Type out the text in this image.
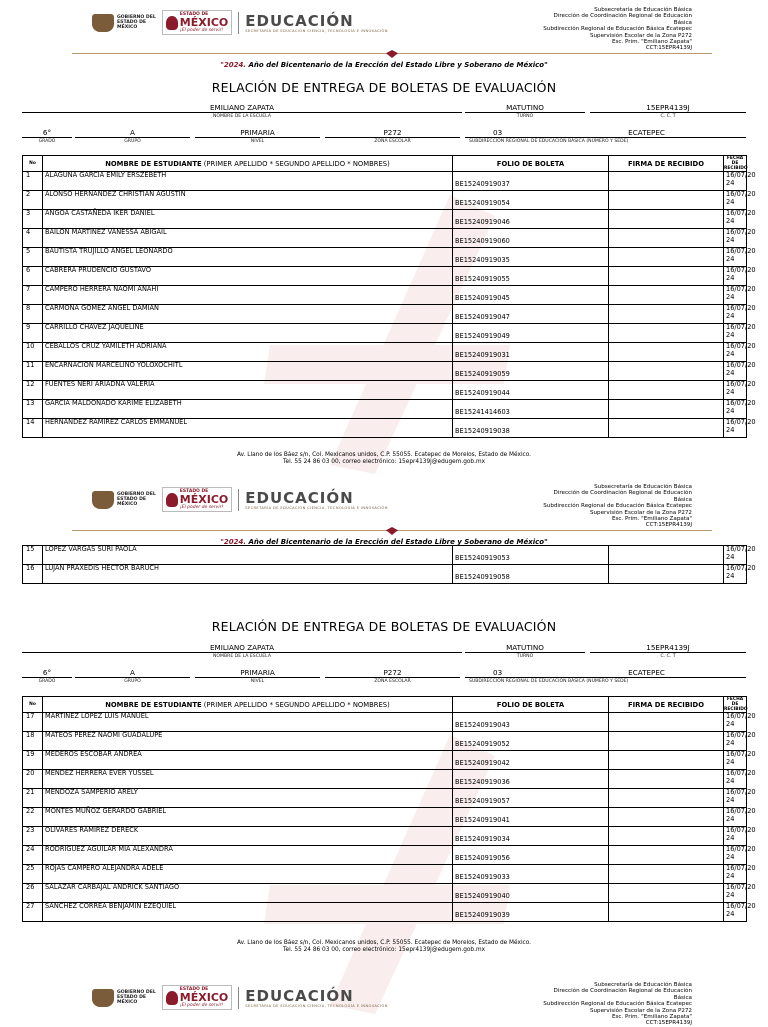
GOBIERNO DEL
ESTADO DE
MÉXICO
ESTADO DE
MÉXICO
¡El poder de servir!
EDUCACIÓN
SECRETARÍA DE EDUCACIÓN CIENCIA, TECNOLOGÍA E INNOVACIÓN
Subsecretaría de Educación Básica
Dirección de Coordinación Regional de Educación
Básica
Subdirección Regional de Educación Básica Ecatepec
Supervisión Escolar de la Zona P272
Esc. Prim. "Emiliano Zapata"
CCT:15EPR4139J
"2024. Año del Bicentenario de la Erección del Estado Libre y Soberano de México"
GOBIERNO DEL
ESTADO DE
MÉXICO
ESTADO DE
MÉXICO
¡El poder de servir!
EDUCACIÓN
SECRETARÍA DE EDUCACIÓN CIENCIA, TECNOLOGÍA E INNOVACIÓN
Subsecretaría de Educación Básica
Dirección de Coordinación Regional de Educación
Básica
Subdirección Regional de Educación Básica Ecatepec
Supervisión Escolar de la Zona P272
Esc. Prim. "Emiliano Zapata"
CCT:15EPR4139J
"2024. Año del Bicentenario de la Erección del Estado Libre y Soberano de México"
GOBIERNO DEL
ESTADO DE
MÉXICO
ESTADO DE
MÉXICO
¡El poder de servir!
EDUCACIÓN
SECRETARÍA DE EDUCACIÓN CIENCIA, TECNOLOGÍA E INNOVACIÓN
Subsecretaría de Educación Básica
Dirección de Coordinación Regional de Educación
Básica
Subdirección Regional de Educación Básica Ecatepec
Supervisión Escolar de la Zona P272
Esc. Prim. "Emiliano Zapata"
CCT:15EPR4139J
RELACIÓN DE ENTREGA DE BOLETAS DE EVALUACIÓN
EMILIANO ZAPATA
NOMBRE DE LA ESCUELA
MATUTINO
TURNO
15EPR4139J
C. C. T
6°
GRADO
A
GRUPO
PRIMARIA
NIVEL
P272
ZONA ESCOLAR
03	ECATEPEC
SUBDIRECCIÓN REGIONAL DE EDUCACIÓN BÁSICA (NÚMERO Y SEDE)
No	NOMBRE DE ESTUDIANTE (PRIMER APELLIDO * SEGUNDO APELLIDO * NOMBRES)	FOLIO DE BOLETA	FIRMA DE RECIBIDO	FECHA DE
RECIBIDO

1	ALAGUNA GARCIA EMILY ERSZEBETH	BE15240919037		16/07/20
24

2	ALONSO HERNANDEZ CHRISTIAN AGUSTIN	BE15240919054		16/07/20
24

3	ANGOA CASTAÑEDA IKER DANIEL	BE15240919046		16/07/20
24

4	BAILON MARTINEZ VANESSA ABIGAIL	BE15240919060		16/07/20
24

5	BAUTISTA TRUJILLO ANGEL LEONARDO	BE15240919035		16/07/20
24

6	CABRERA PRUDENCIO GUSTAVO	BE15240919055		16/07/20
24

7	CAMPERO HERRERA NAOMI ANAHI	BE15240919045		16/07/20
24

8	CARMONA GOMEZ ANGEL DAMIAN	BE15240919047		16/07/20
24

9	CARRILLO CHAVEZ JAQUELINE	BE15240919049		16/07/20
24

10	CEBALLOS CRUZ YAMILETH ADRIANA	BE15240919031		16/07/20
24

11	ENCARNACION MARCELINO YOLOXOCHITL	BE15240919059		16/07/20
24

12	FUENTES NERI ARIADNA VALERIA	BE15240919044		16/07/20
24

13	GARCIA MALDONADO KARIME ELIZABETH	BE15241414603		16/07/20
24

14	HERNANDEZ RAMIREZ CARLOS EMMANUEL	BE15240919038		16/07/20
24
Av. Llano de los Báez s/n, Col. Mexicanos unidos, C.P. 55055. Ecatepec de Morelos, Estado de México.
Tel. 55 24 86 03 00, correo electrónico: 15epr4139j@edugem.gob.mx
15	LOPEZ VARGAS SURI PAOLA	BE15240919053		16/07/20
24

16	LUJAN PRAXEDIS HECTOR BARUCH	BE15240919058		16/07/20
24
RELACIÓN DE ENTREGA DE BOLETAS DE EVALUACIÓN
EMILIANO ZAPATA
NOMBRE DE LA ESCUELA
MATUTINO
TURNO
15EPR4139J
C. C. T
6°
GRADO
A
GRUPO
PRIMARIA
NIVEL
P272
ZONA ESCOLAR
03	ECATEPEC
SUBDIRECCIÓN REGIONAL DE EDUCACIÓN BÁSICA (NÚMERO Y SEDE)
No	NOMBRE DE ESTUDIANTE (PRIMER APELLIDO * SEGUNDO APELLIDO * NOMBRES)	FOLIO DE BOLETA	FIRMA DE RECIBIDO	FECHA DE
RECIBIDO

17	MARTINEZ LOPEZ LUIS MANUEL	BE15240919043		16/07/20
24

18	MATEOS PEREZ NAOMI GUADALUPE	BE15240919052		16/07/20
24

19	MEDEROS ESCOBAR ANDREA	BE15240919042		16/07/20
24

20	MENDEZ HERRERA EVER YUSSEL	BE15240919036		16/07/20
24

21	MENDOZA SAMPERIO ARELY	BE15240919057		16/07/20
24

22	MONTES MUÑOZ GERARDO GABRIEL	BE15240919041		16/07/20
24

23	OLIVARES RAMIREZ DERECK	BE15240919034		16/07/20
24

24	RODRIGUEZ AGUILAR MIA ALEXANDRA	BE15240919056		16/07/20
24

25	ROJAS CAMPERO ALEJANDRA ADELE	BE15240919033		16/07/20
24

26	SALAZAR CARBAJAL ANDRICK SANTIAGO	BE15240919040		16/07/20
24

27	SANCHEZ CORREA BENJAMIN EZEQUIEL	BE15240919039		16/07/20
24
Av. Llano de los Báez s/n, Col. Mexicanos unidos, C.P. 55055. Ecatepec de Morelos, Estado de México.
Tel. 55 24 86 03 00, correo electrónico: 15epr4139j@edugem.gob.mx
